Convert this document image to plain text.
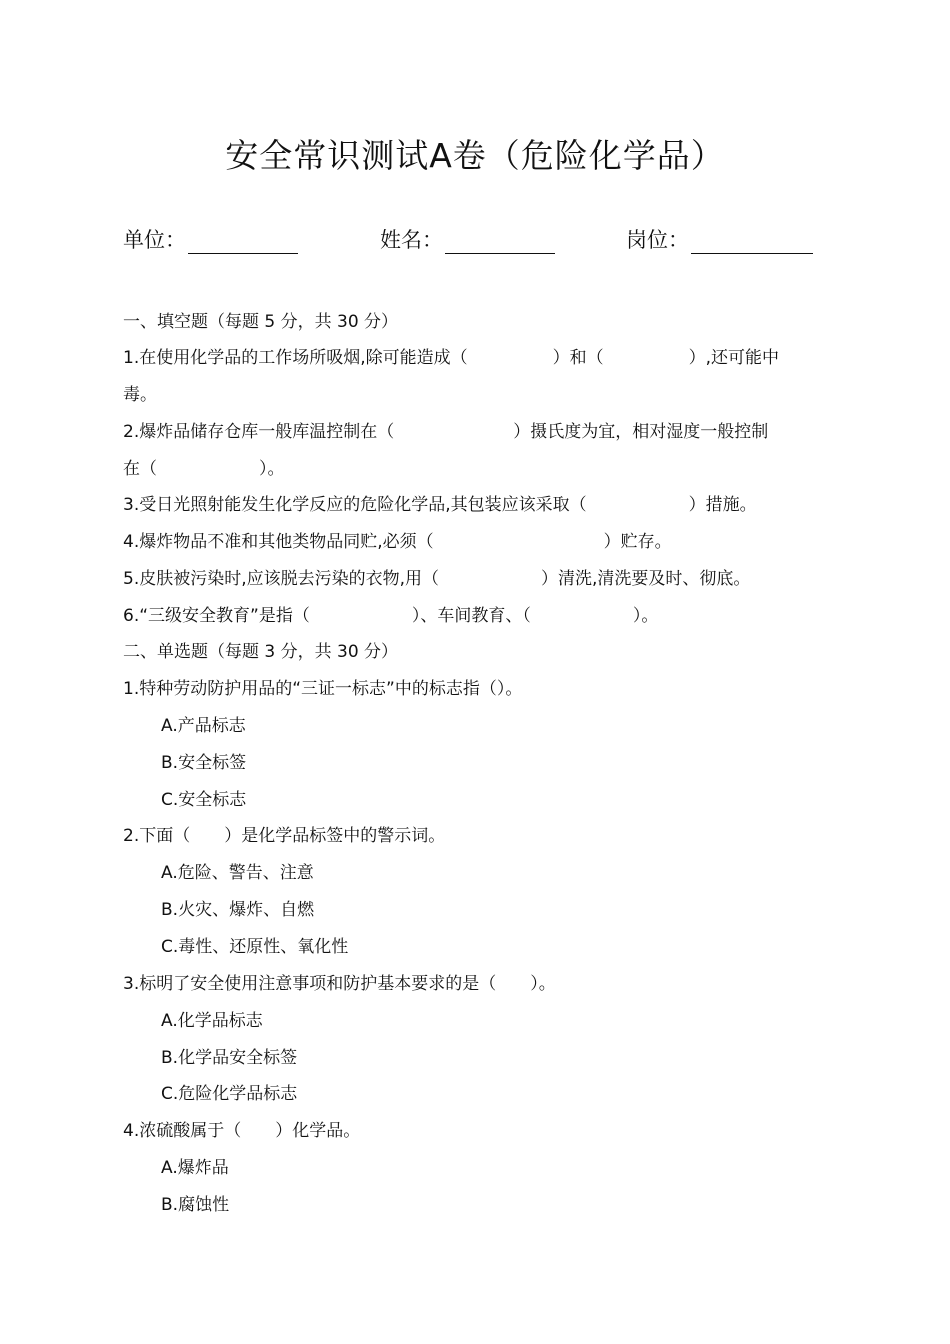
安全常识测试A卷（危险化学品）
单位：	姓名：	岗位：
一、填空题（每题 5 分，共 30 分）
1.在使用化学品的工作场所吸烟,除可能造成（　　　　　）和（　　　　　）,还可能中
毒。
2.爆炸品储存仓库一般库温控制在（　　　　　　　）摄氏度为宜，相对湿度一般控制
在（　　　　　　）。
3.受日光照射能发生化学反应的危险化学品,其包装应该采取（　　　　　　）措施。
4.爆炸物品不准和其他类物品同贮,必须（　　　　　　　　　　）贮存。
5.皮肤被污染时,应该脱去污染的衣物,用（　　　　　　）清洗,清洗要及时、彻底。
6.“三级安全教育”是指（　　　　　　）、车间教育、（　　　　　　）。
二、单选题（每题 3 分，共 30 分）
1.特种劳动防护用品的“三证一标志”中的标志指（）。
A.产品标志
B.安全标签
C.安全标志
2.下面（　　）是化学品标签中的警示词。
A.危险、警告、注意
B.火灾、爆炸、自燃
C.毒性、还原性、氧化性
3.标明了安全使用注意事项和防护基本要求的是（　　）。
A.化学品标志
B.化学品安全标签
C.危险化学品标志
4.浓硫酸属于（　　）化学品。
A.爆炸品
B.腐蚀性
